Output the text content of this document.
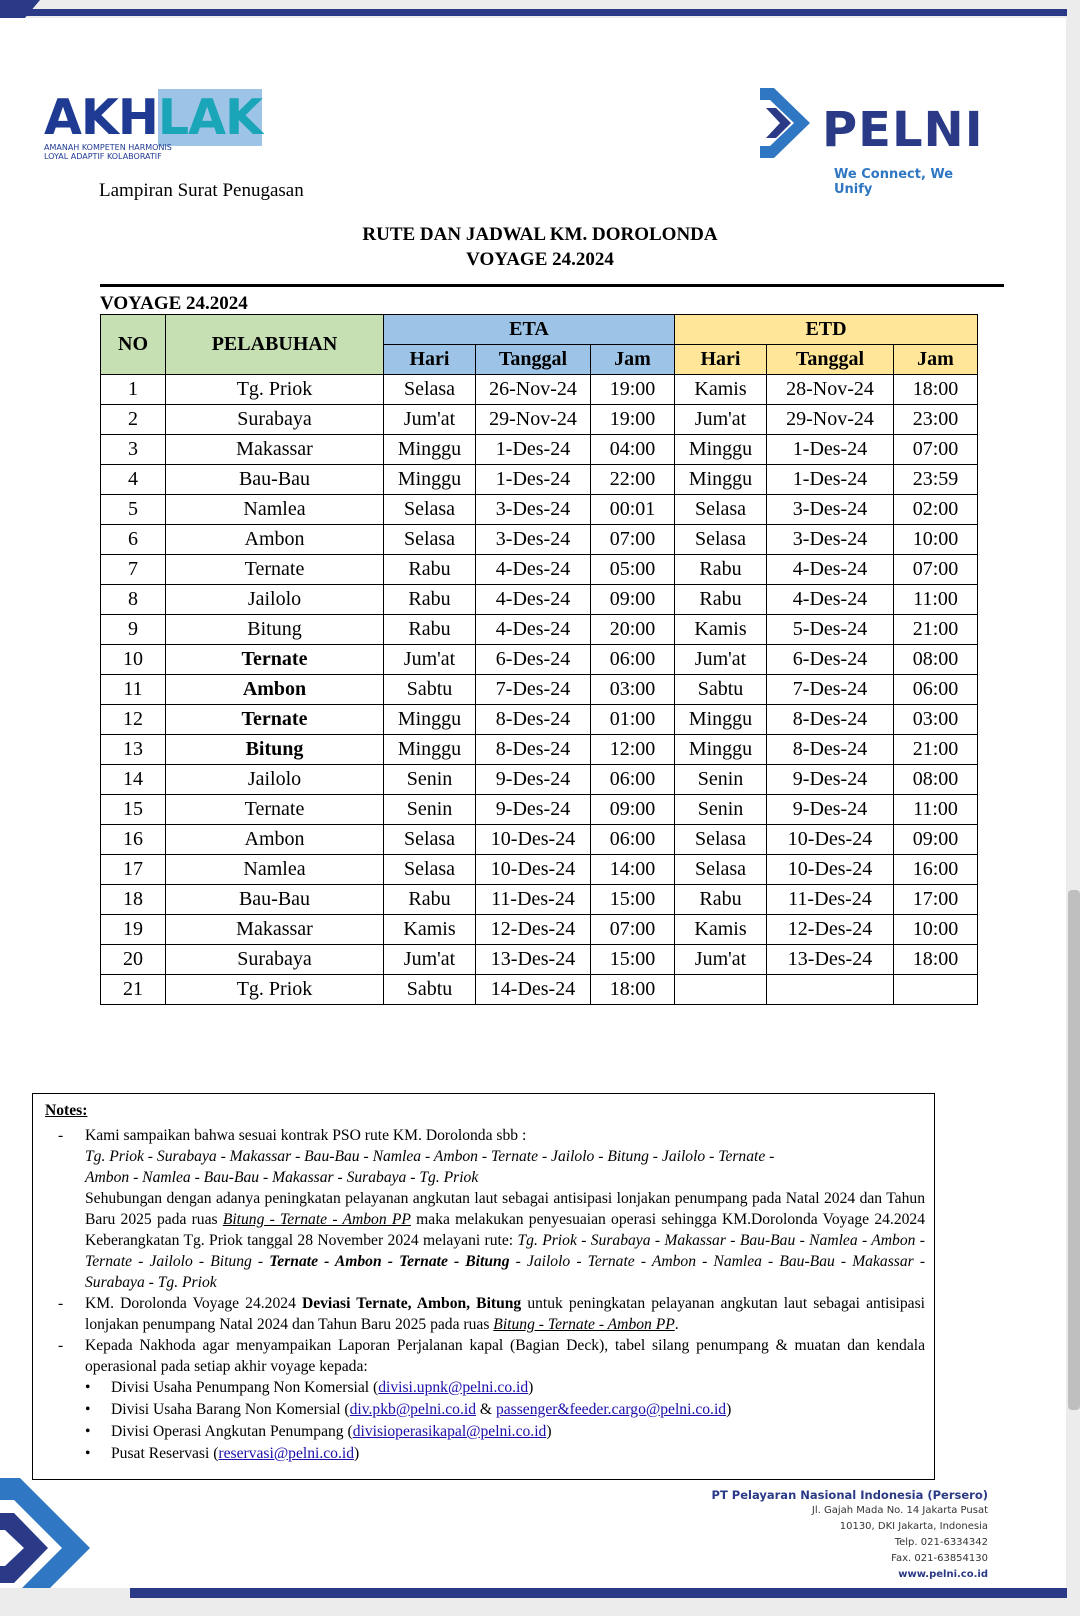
AKHLAK
AMANAH KOMPETEN HARMONIS
LOYAL ADAPTIF KOLABORATIF	PELNI
We Connect, We Unify
Lampiran Surat Penugasan
RUTE DAN JADWAL KM. DOROLONDA
VOYAGE 24.2024
VOYAGE 24.2024
NO	PELABUHAN	ETA			ETD		
		Hari	Tanggal	Jam	Hari	Tanggal	Jam
1	Tg. Priok	Selasa	26-Nov-24	19:00	Kamis	28-Nov-24	18:00
2	Surabaya	Jum'at	29-Nov-24	19:00	Jum'at	29-Nov-24	23:00
3	Makassar	Minggu	1-Des-24	04:00	Minggu	1-Des-24	07:00
4	Bau-Bau	Minggu	1-Des-24	22:00	Minggu	1-Des-24	23:59
5	Namlea	Selasa	3-Des-24	00:01	Selasa	3-Des-24	02:00
6	Ambon	Selasa	3-Des-24	07:00	Selasa	3-Des-24	10:00
7	Ternate	Rabu	4-Des-24	05:00	Rabu	4-Des-24	07:00
8	Jailolo	Rabu	4-Des-24	09:00	Rabu	4-Des-24	11:00
9	Bitung	Rabu	4-Des-24	20:00	Kamis	5-Des-24	21:00
10	Ternate	Jum'at	6-Des-24	06:00	Jum'at	6-Des-24	08:00
11	Ambon	Sabtu	7-Des-24	03:00	Sabtu	7-Des-24	06:00
12	Ternate	Minggu	8-Des-24	01:00	Minggu	8-Des-24	03:00
13	Bitung	Minggu	8-Des-24	12:00	Minggu	8-Des-24	21:00
14	Jailolo	Senin	9-Des-24	06:00	Senin	9-Des-24	08:00
15	Ternate	Senin	9-Des-24	09:00	Senin	9-Des-24	11:00
16	Ambon	Selasa	10-Des-24	06:00	Selasa	10-Des-24	09:00
17	Namlea	Selasa	10-Des-24	14:00	Selasa	10-Des-24	16:00
18	Bau-Bau	Rabu	11-Des-24	15:00	Rabu	11-Des-24	17:00
19	Makassar	Kamis	12-Des-24	07:00	Kamis	12-Des-24	10:00
20	Surabaya	Jum'at	13-Des-24	15:00	Jum'at	13-Des-24	18:00
21	Tg. Priok	Sabtu	14-Des-24	18:00			
Notes:
- Kami sampaikan bahwa sesuai kontrak PSO rute KM. Dorolonda sbb :
Tg. Priok - Surabaya - Makassar - Bau-Bau - Namlea - Ambon - Ternate - Jailolo - Bitung - Jailolo - Ternate -
Ambon - Namlea - Bau-Bau - Makassar - Surabaya - Tg. Priok
Sehubungan dengan adanya peningkatan pelayanan angkutan laut sebagai antisipasi lonjakan penumpang pada Natal 2024 dan Tahun Baru 2025 pada ruas Bitung - Ternate - Ambon PP maka melakukan penyesuaian operasi sehingga KM.Dorolonda Voyage 24.2024 Keberangkatan Tg. Priok tanggal 28 November 2024 melayani rute: Tg. Priok - Surabaya - Makassar - Bau-Bau - Namlea - Ambon - Ternate - Jailolo - Bitung - Ternate - Ambon - Ternate - Bitung - Jailolo - Ternate - Ambon - Namlea - Bau-Bau - Makassar - Surabaya - Tg. Priok
- KM. Dorolonda Voyage 24.2024 Deviasi Ternate, Ambon, Bitung untuk peningkatan pelayanan angkutan laut sebagai antisipasi lonjakan penumpang Natal 2024 dan Tahun Baru 2025 pada ruas Bitung - Ternate - Ambon PP.
- Kepada Nakhoda agar menyampaikan Laporan Perjalanan kapal (Bagian Deck), tabel silang penumpang & muatan dan kendala operasional pada setiap akhir voyage kepada:
• Divisi Usaha Penumpang Non Komersial (divisi.upnk@pelni.co.id)
• Divisi Usaha Barang Non Komersial (div.pkb@pelni.co.id & passenger&feeder.cargo@pelni.co.id)
• Divisi Operasi Angkutan Penumpang (divisioperasikapal@pelni.co.id)
• Pusat Reservasi (reservasi@pelni.co.id)
PT Pelayaran Nasional Indonesia (Persero)
Jl. Gajah Mada No. 14 Jakarta Pusat
10130, DKI Jakarta, Indonesia
Telp. 021-6334342
Fax. 021-63854130
www.pelni.co.id
